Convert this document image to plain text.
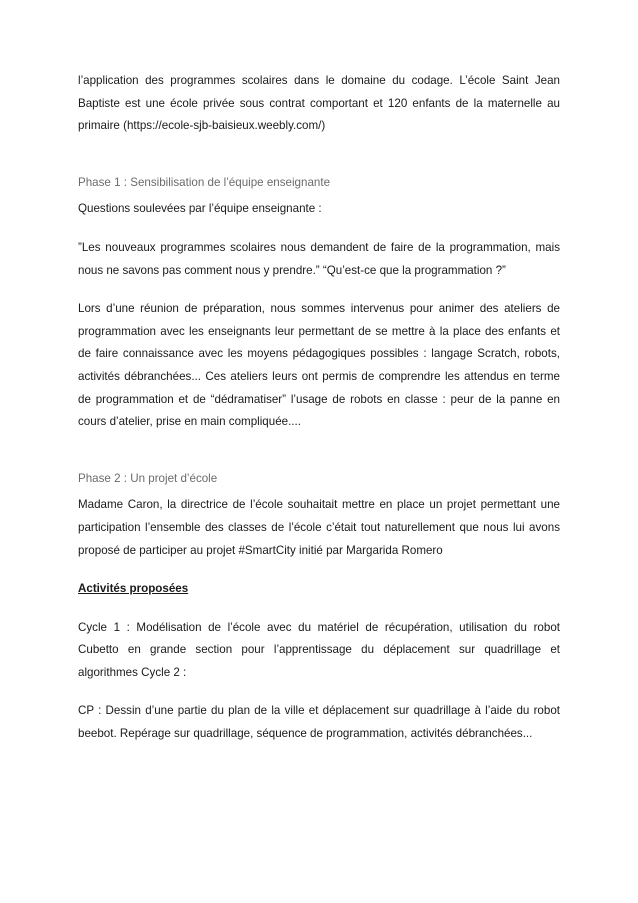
l’application des programmes scolaires dans le domaine du codage. L’école Saint Jean Baptiste est une école privée sous contrat comportant et 120 enfants de la maternelle au primaire (https://ecole-sjb-baisieux.weebly.com/)

Phase 1 : Sensibilisation de l’équipe enseignante

Questions soulevées par l’équipe enseignante :

”Les nouveaux programmes scolaires nous demandent de faire de la programmation, mais nous ne savons pas comment nous y prendre.” “Qu’est-ce que la programmation ?”

Lors d’une réunion de préparation, nous sommes intervenus pour animer des ateliers de programmation avec les enseignants leur permettant de se mettre à la place des enfants et de faire connaissance avec les moyens pédagogiques possibles : langage Scratch, robots, activités débranchées... Ces ateliers leurs ont permis de comprendre les attendus en terme de programmation et de “dédramatiser” l’usage de robots en classe : peur de la panne en cours d’atelier, prise en main compliquée....

Phase 2 : Un projet d’école

Madame Caron, la directrice de l’école souhaitait mettre en place un projet permettant une participation l’ensemble des classes de l’école c’était tout naturellement que nous lui avons proposé de participer au projet #SmartCity initié par Margarida Romero

Activités proposées

Cycle 1 : Modélisation de l’école avec du matériel de récupération, utilisation du robot Cubetto en grande section pour l’apprentissage du déplacement sur quadrillage et algorithmes Cycle 2 :

CP : Dessin d’une partie du plan de la ville et déplacement sur quadrillage à l’aide du robot beebot. Repérage sur quadrillage, séquence de programmation, activités débranchées...
